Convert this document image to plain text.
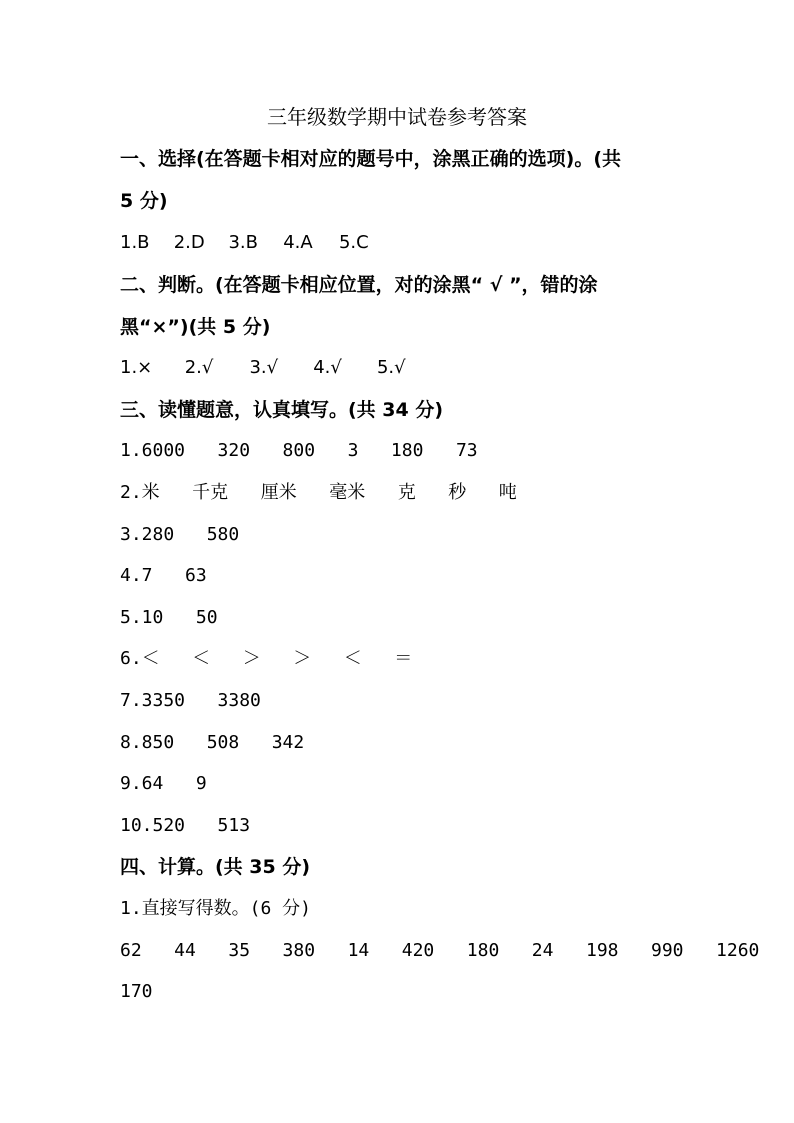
三年级数学期中试卷参考答案
一、选择(在答题卡相对应的题号中，涂黑正确的选项)。(共
5 分)
1.B 2.D 3.B 4.A 5.C
二、判断。(在答题卡相应位置，对的涂黑“ √ ”，错的涂
黑“×”)(共 5 分)
1.× 2.√ 3.√ 4.√ 5.√
三、读懂题意，认真填写。(共 34 分)
1.6000   320   800   3   180   73
2.米   千克   厘米   毫米   克   秒   吨
3.280   580
4.7   63
5.10   50
6.＜   ＜   ＞   ＞   ＜   ＝
7.3350   3380
8.850   508   342
9.64   9
10.520   513
四、计算。(共 35 分)
1.直接写得数。(6 分)
62   44   35   380   14   420   180   24   198   990   1260
170
